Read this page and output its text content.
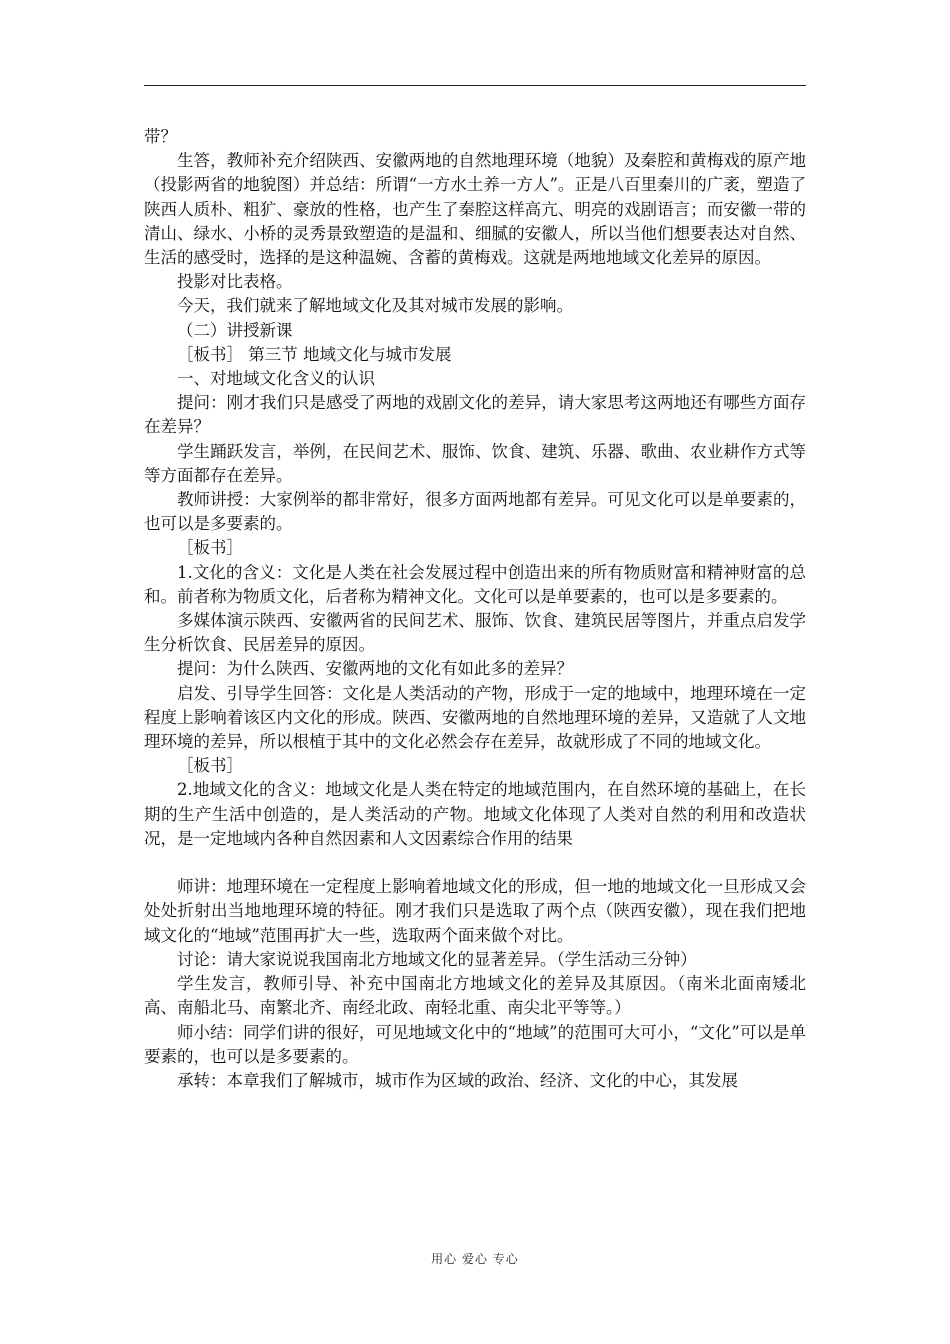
带？

生答，教师补充介绍陕西、安徽两地的自然地理环境（地貌）及秦腔和黄梅戏的原产地（投影两省的地貌图）并总结：所谓“一方水土养一方人”。正是八百里秦川的广袤，塑造了陕西人质朴、粗犷、豪放的性格，也产生了秦腔这样高亢、明亮的戏剧语言；而安徽一带的清山、绿水、小桥的灵秀景致塑造的是温和、细腻的安徽人，所以当他们想要表达对自然、生活的感受时，选择的是这种温婉、含蓄的黄梅戏。这就是两地地域文化差异的原因。

投影对比表格。

今天，我们就来了解地域文化及其对城市发展的影响。

（二）讲授新课

［板书］ 第三节 地域文化与城市发展

一、对地域文化含义的认识

提问：刚才我们只是感受了两地的戏剧文化的差异，请大家思考这两地还有哪些方面存在差异？

学生踊跃发言，举例，在民间艺术、服饰、饮食、建筑、乐器、歌曲、农业耕作方式等等方面都存在差异。

教师讲授：大家例举的都非常好，很多方面两地都有差异。可见文化可以是单要素的，也可以是多要素的。

［板书］

1.文化的含义：文化是人类在社会发展过程中创造出来的所有物质财富和精神财富的总和。前者称为物质文化，后者称为精神文化。文化可以是单要素的，也可以是多要素的。

多媒体演示陕西、安徽两省的民间艺术、服饰、饮食、建筑民居等图片，并重点启发学生分析饮食、民居差异的原因。

提问：为什么陕西、安徽两地的文化有如此多的差异？

启发、引导学生回答：文化是人类活动的产物，形成于一定的地域中，地理环境在一定程度上影响着该区内文化的形成。陕西、安徽两地的自然地理环境的差异，又造就了人文地理环境的差异，所以根植于其中的文化必然会存在差异，故就形成了不同的地域文化。

［板书］

2.地域文化的含义：地域文化是人类在特定的地域范围内，在自然环境的基础上，在长期的生产生活中创造的，是人类活动的产物。地域文化体现了人类对自然的利用和改造状况，是一定地域内各种自然因素和人文因素综合作用的结果

师讲：地理环境在一定程度上影响着地域文化的形成，但一地的地域文化一旦形成又会处处折射出当地地理环境的特征。刚才我们只是选取了两个点（陕西安徽），现在我们把地域文化的“地域”范围再扩大一些，选取两个面来做个对比。

讨论：请大家说说我国南北方地域文化的显著差异。（学生活动三分钟）

学生发言，教师引导、补充中国南北方地域文化的差异及其原因。（南米北面南矮北高、南船北马、南繁北齐、南经北政、南轻北重、南尖北平等等。）

师小结：同学们讲的很好，可见地域文化中的“地域”的范围可大可小，“文化”可以是单要素的，也可以是多要素的。

承转：本章我们了解城市，城市作为区域的政治、经济、文化的中心，其发展

用心 爱心 专心
